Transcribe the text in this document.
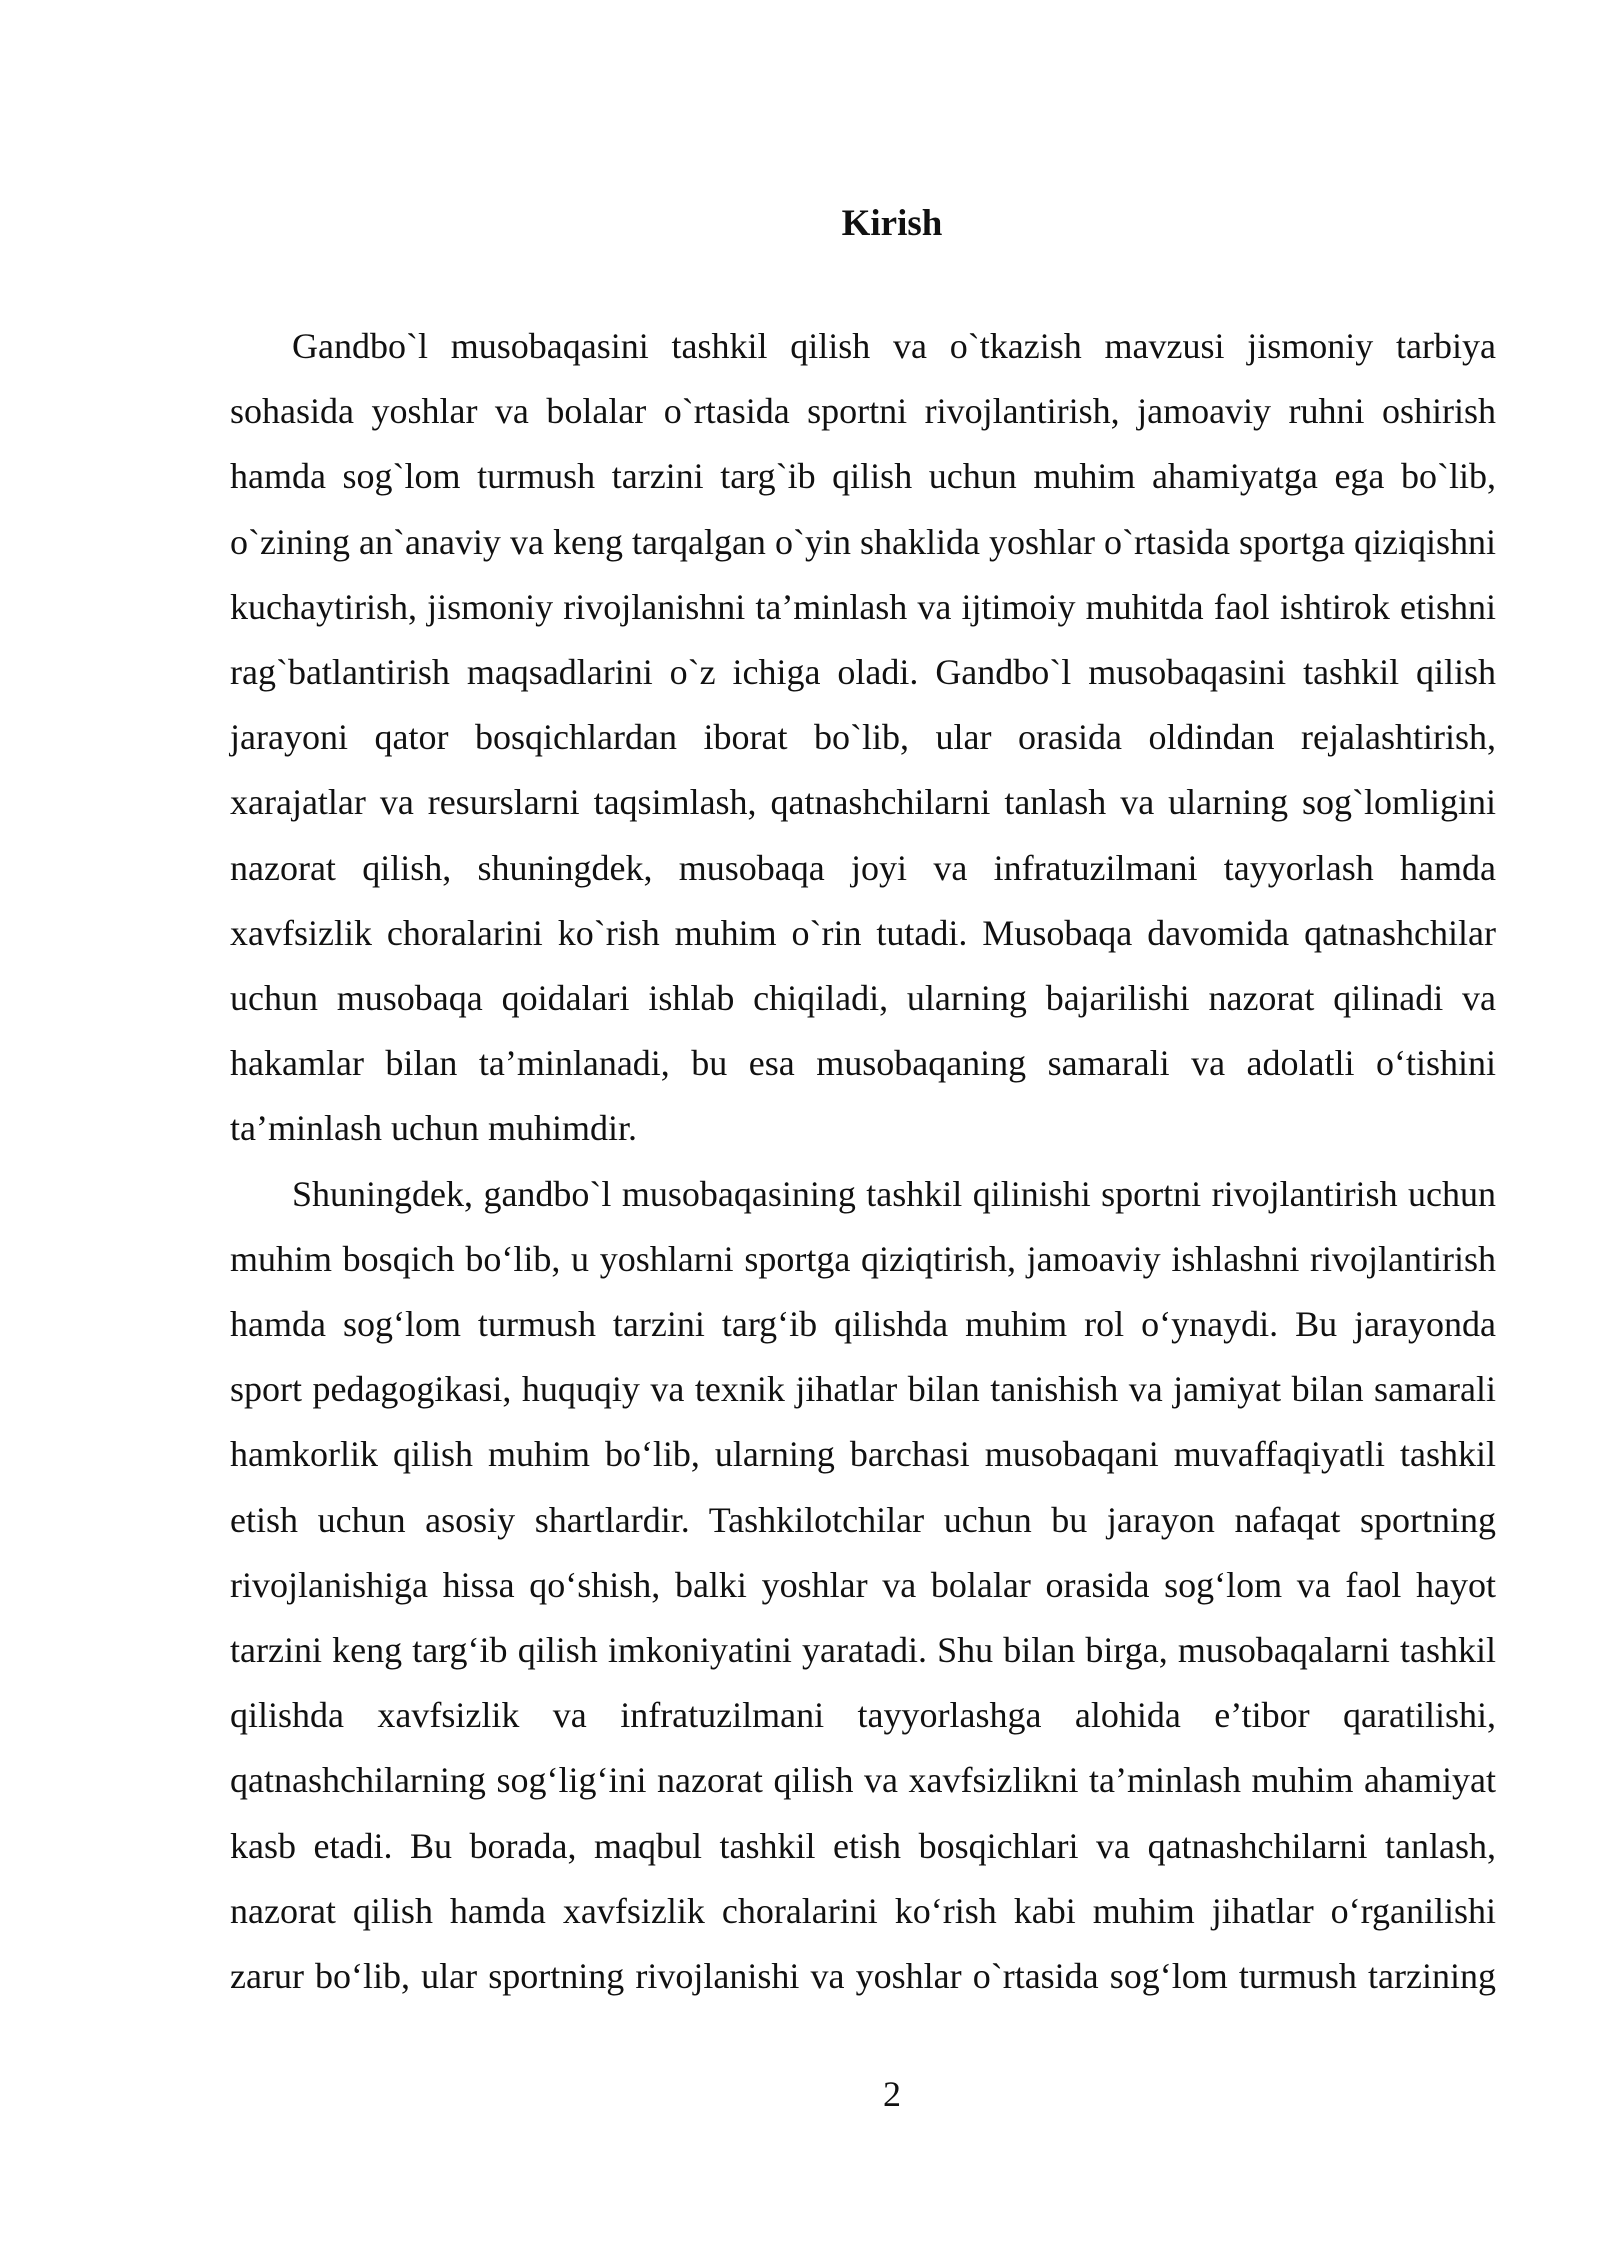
Kirish

Gandbo`l musobaqasini tashkil qilish va o`tkazish mavzusi jismoniy tarbiya sohasida yoshlar va bolalar o`rtasida sportni rivojlantirish, jamoaviy ruhni oshirish hamda sog`lom turmush tarzini targ`ib qilish uchun muhim ahamiyatga ega bo`lib, o`zining an`anaviy va keng tarqalgan o`yin shaklida yoshlar o`rtasida sportga qiziqishni kuchaytirish, jismoniy rivojlanishni ta’minlash va ijtimoiy muhitda faol ishtirok etishni rag`batlantirish maqsadlarini o`z ichiga oladi. Gandbo`l musobaqasini tashkil qilish jarayoni qator bosqichlardan iborat bo`lib, ular orasida oldindan rejalashtirish, xarajatlar va resurslarni taqsimlash, qatnashchilarni tanlash va ularning sog`lomligini nazorat qilish, shuningdek, musobaqa joyi va infratuzilmani tayyorlash hamda xavfsizlik choralarini ko`rish muhim o`rin tutadi. Musobaqa davomida qatnashchilar uchun musobaqa qoidalari ishlab chiqiladi, ularning bajarilishi nazorat qilinadi va hakamlar bilan ta’minlanadi, bu esa musobaqaning samarali va adolatli o‘tishini ta’minlash uchun muhimdir.

Shuningdek, gandbo`l musobaqasining tashkil qilinishi sportni rivojlantirish uchun muhim bosqich bo‘lib, u yoshlarni sportga qiziqtirish, jamoaviy ishlashni rivojlantirish hamda sog‘lom turmush tarzini targ‘ib qilishda muhim rol o‘ynaydi. Bu jarayonda sport pedagogikasi, huquqiy va texnik jihatlar bilan tanishish va jamiyat bilan samarali hamkorlik qilish muhim bo‘lib, ularning barchasi musobaqani muvaffaqiyatli tashkil etish uchun asosiy shartlardir. Tashkilotchilar uchun bu jarayon nafaqat sportning rivojlanishiga hissa qo‘shish, balki yoshlar va bolalar orasida sog‘lom va faol hayot tarzini keng targ‘ib qilish imkoniyatini yaratadi. Shu bilan birga, musobaqalarni tashkil qilishda xavfsizlik va infratuzilmani tayyorlashga alohida e’tibor qaratilishi, qatnashchilarning sog‘lig‘ini nazorat qilish va xavfsizlikni ta’minlash muhim ahamiyat kasb etadi. Bu borada, maqbul tashkil etish bosqichlari va qatnashchilarni tanlash, nazorat qilish hamda xavfsizlik choralarini ko‘rish kabi muhim jihatlar o‘rganilishi zarur bo‘lib, ular sportning rivojlanishi va yoshlar o`rtasida sog‘lom turmush tarzining

2
